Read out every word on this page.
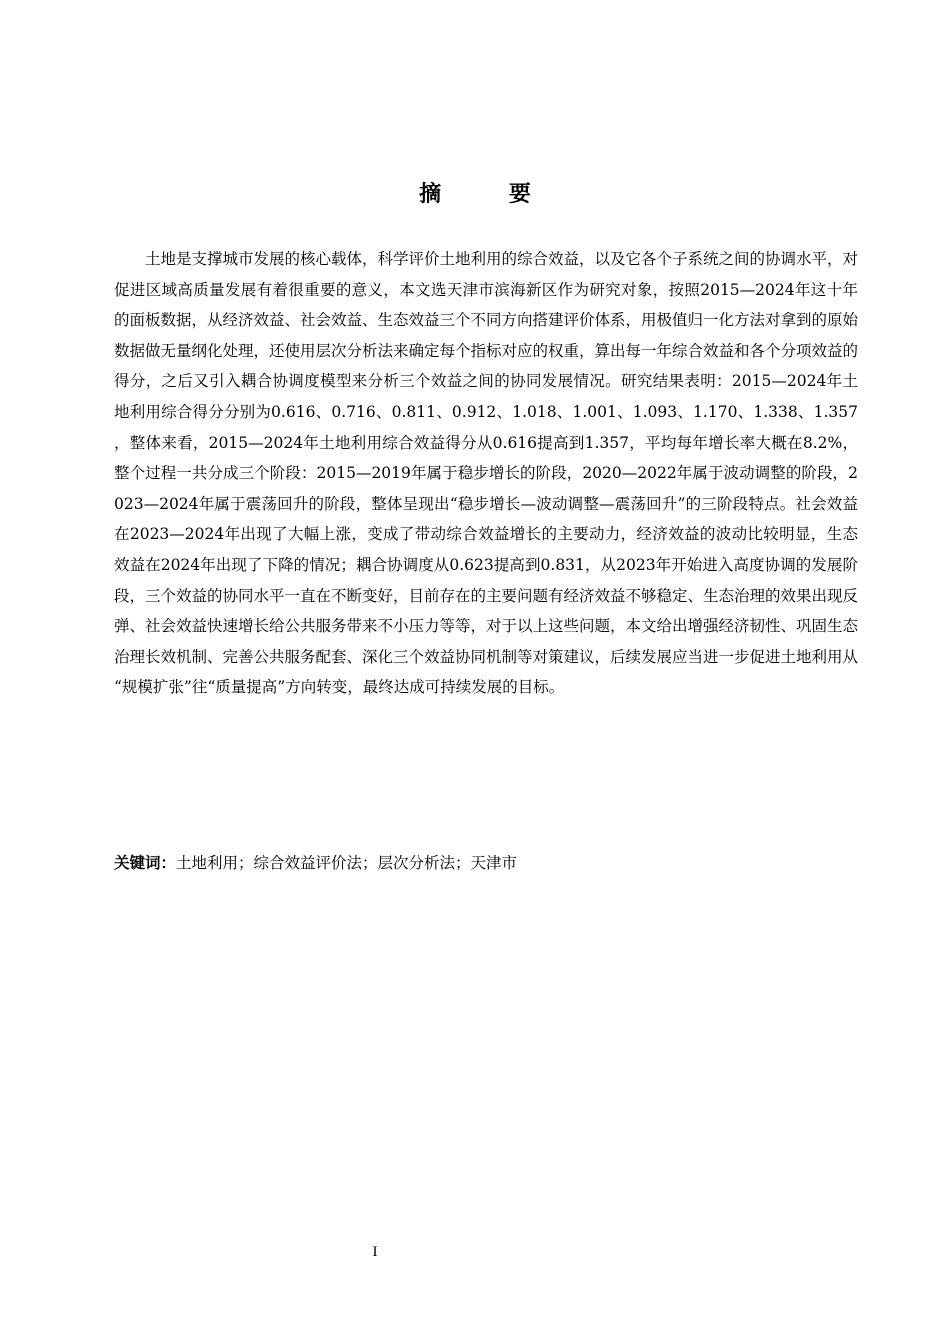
摘 要

土地是支撑城市发展的核心载体，科学评价土地利用的综合效益，以及它各个子系统之间的协调水平，对促进区域高质量发展有着很重要的意义，本文选天津市滨海新区作为研究对象，按照2015—2024年这十年的面板数据，从经济效益、社会效益、生态效益三个不同方向搭建评价体系，用极值归一化方法对拿到的原始数据做无量纲化处理，还使用层次分析法来确定每个指标对应的权重，算出每一年综合效益和各个分项效益的得分，之后又引入耦合协调度模型来分析三个效益之间的协同发展情况。研究结果表明：2015—2024年土地利用综合得分分别为0.616、0.716、0.811、0.912、1.018、1.001、1.093、1.170、1.338、1.357，整体来看，2015—2024年土地利用综合效益得分从0.616提高到1.357，平均每年增长率大概在8.2%，整个过程一共分成三个阶段：2015—2019年属于稳步增长的阶段，2020—2022年属于波动调整的阶段，2023—2024年属于震荡回升的阶段，整体呈现出“稳步增长—波动调整—震荡回升”的三阶段特点。社会效益在2023—2024年出现了大幅上涨，变成了带动综合效益增长的主要动力，经济效益的波动比较明显，生态效益在2024年出现了下降的情况；耦合协调度从0.623提高到0.831，从2023年开始进入高度协调的发展阶段，三个效益的协同水平一直在不断变好，目前存在的主要问题有经济效益不够稳定、生态治理的效果出现反弹、社会效益快速增长给公共服务带来不小压力等等，对于以上这些问题，本文给出增强经济韧性、巩固生态治理长效机制、完善公共服务配套、深化三个效益协同机制等对策建议，后续发展应当进一步促进土地利用从“规模扩张”往“质量提高”方向转变，最终达成可持续发展的目标。

关键词：土地利用；综合效益评价法；层次分析法；天津市
I
